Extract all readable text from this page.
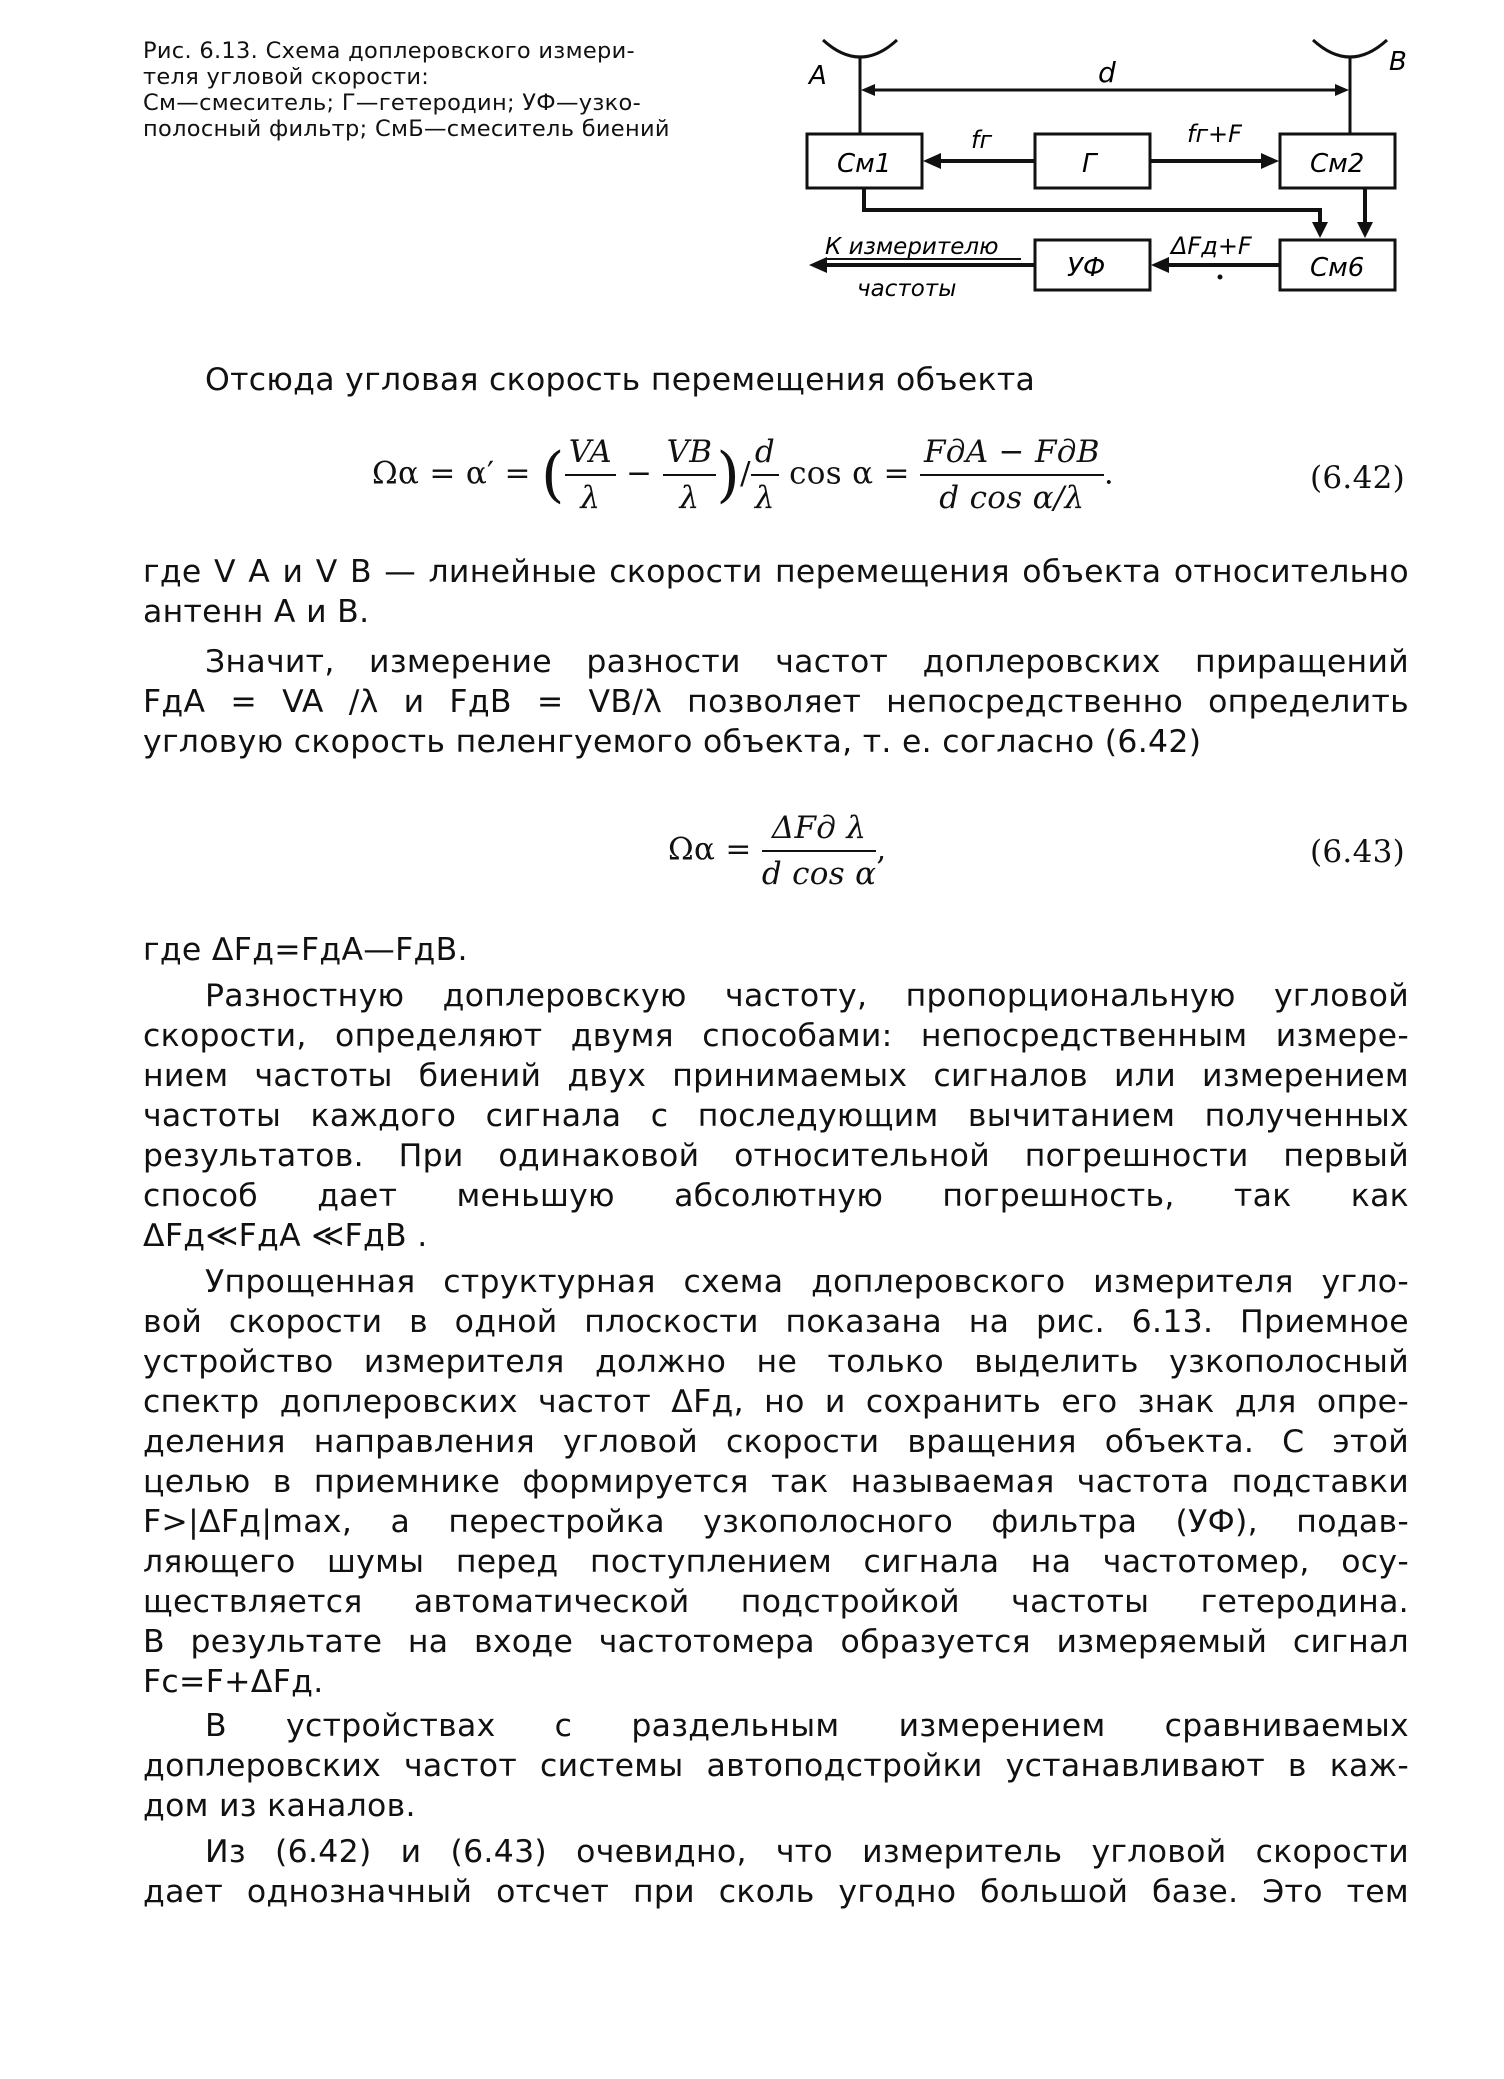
Рис. 6.13. Схема доплеровского измери-
теля угловой скорости:
См—смеситель; Г—гетеродин; УФ—узко-
полосный фильтр; СмБ—смеситель биений
A	B
d
См1	Г	См2
УФ	См6
fг	fг+F
ΔFд+F
К измерителю
частоты
Отсюда угловая скорость перемещения объекта
Ωα = α′ = ( $\frac{VA}{\lambda} - \frac{VB}{\lambda}$ )/ $\frac{d}{\lambda}$ $\cos \alpha = \frac{\text{FдA − FдB}}{\text{d cos α/λ}}$ .	(6.42)
где V A и V B — линейные скорости перемещения объекта относительно
антенн A и B.
Значит, измерение разности частот доплеровских приращений
FдA = VA /λ и FдB = VB/λ позволяет непосредственно определить
угловую скорость пеленгуемого объекта, т. е. согласно (6.42)
$\Omega\alpha = \frac{\text{ΔFд λ}}{\text{d cos α}}$ ,	(6.43)
где ΔFд=FдA—FдB.
Разностную доплеровскую частоту, пропорциональную угловой
скорости, определяют двумя способами: непосредственным измере-
нием частоты биений двух принимаемых сигналов или измерением
частоты каждого сигнала с последующим вычитанием полученных
результатов. При одинаковой относительной погрешности первый
способ дает меньшую абсолютную погрешность, так как
ΔFд≪FдA ≪FдB .
Упрощенная структурная схема доплеровского измерителя угло-
вой скорости в одной плоскости показана на рис. 6.13. Приемное
устройство измерителя должно не только выделить узкополосный
спектр доплеровских частот ΔFд, но и сохранить его знак для опре-
деления направления угловой скорости вращения объекта. С этой
целью в приемнике формируется так называемая частота подставки
F>|ΔFд|max, а перестройка узкополосного фильтра (УФ), подав-
ляющего шумы перед поступлением сигнала на частотомер, осу-
ществляется автоматической подстройкой частоты гетеродина.
В результате на входе частотомера образуется измеряемый сигнал
Fc=F+ΔFд.
В устройствах с раздельным измерением сравниваемых
доплеровских частот системы автоподстройки устанавливают в каж-
дом из каналов.
Из (6.42) и (6.43) очевидно, что измеритель угловой скорости
дает однозначный отсчет при сколь угодно большой базе. Это тем
